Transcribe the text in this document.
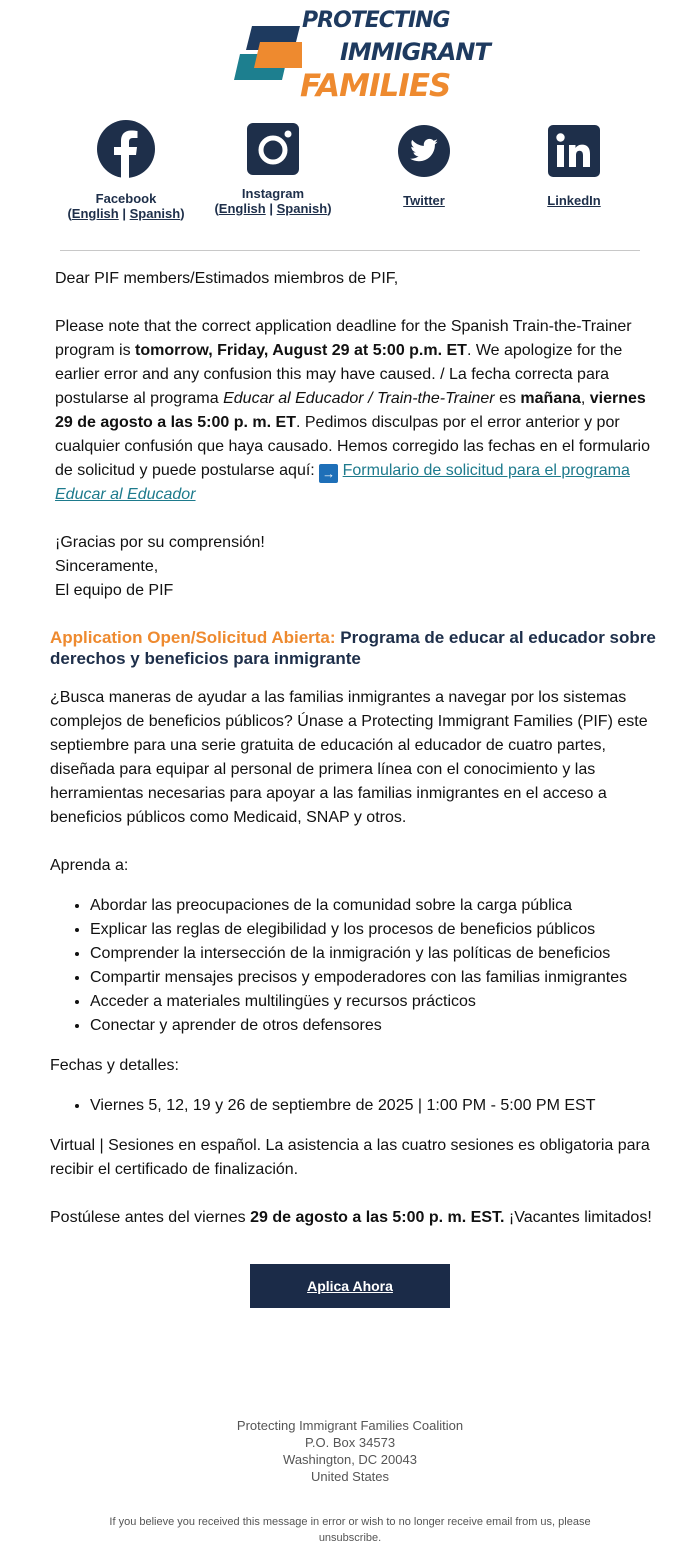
PROTECTING
IMMIGRANT
FAMILIES
Facebook
(English | Spanish)
Instagram
(English | Spanish)
Twitter	LinkedIn

Dear PIF members/Estimados miembros de PIF,

Please note that the correct application deadline for the Spanish Train-the-Trainer program is tomorrow, Friday, August 29 at 5:00 p.m. ET. We apologize for the earlier error and any confusion this may have caused. / La fecha correcta para postularse al programa Educar al Educador / Train-the-Trainer es mañana, viernes 29 de agosto a las 5:00 p. m. ET. Pedimos disculpas por el error anterior y por cualquier confusión que haya causado. Hemos corregido las fechas en el formulario de solicitud y puede postularse aquí: → Formulario de solicitud para el programa Educar al Educador

¡Gracias por su comprensión!

Sinceramente,

El equipo de PIF

Application Open/Solicitud Abierta: Programa de educar al educador sobre derechos y beneficios para inmigrante

¿Busca maneras de ayudar a las familias inmigrantes a navegar por los sistemas complejos de beneficios públicos? Únase a Protecting Immigrant Families (PIF) este septiembre para una serie gratuita de educación al educador de cuatro partes, diseñada para equipar al personal de primera línea con el conocimiento y las herramientas necesarias para apoyar a las familias inmigrantes en el acceso a beneficios públicos como Medicaid, SNAP y otros.

Aprenda a:

• Abordar las preocupaciones de la comunidad sobre la carga pública
• Explicar las reglas de elegibilidad y los procesos de beneficios públicos
• Comprender la intersección de la inmigración y las políticas de beneficios
• Compartir mensajes precisos y empoderadores con las familias inmigrantes
• Acceder a materiales multilingües y recursos prácticos
• Conectar y aprender de otros defensores

Fechas y detalles:

• Viernes 5, 12, 19 y 26 de septiembre de 2025 | 1:00 PM - 5:00 PM EST

Virtual | Sesiones en español. La asistencia a las cuatro sesiones es obligatoria para recibir el certificado de finalización.

Postúlese antes del viernes 29 de agosto a las 5:00 p. m. EST. ¡Vacantes limitados!

Aplica Ahora
Protecting Immigrant Families Coalition
P.O. Box 34573
Washington, DC 20043
United States
If you believe you received this message in error or wish to no longer receive email from us, please unsubscribe.
